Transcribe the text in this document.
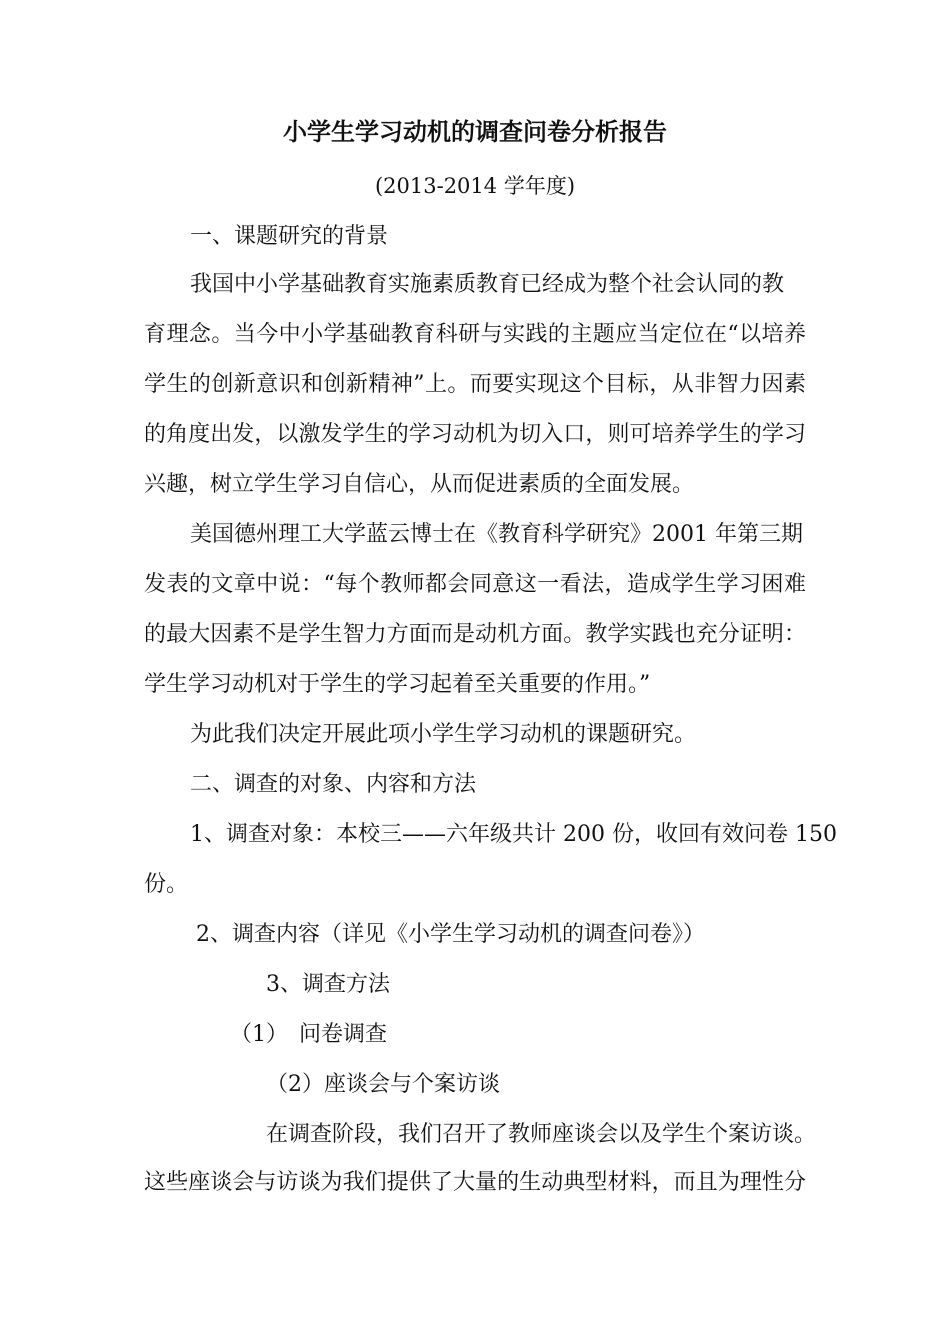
小学生学习动机的调查问卷分析报告

(2013-2014 学年度)

一、课题研究的背景

我国中小学基础教育实施素质教育已经成为整个社会认同的教

育理念。当今中小学基础教育科研与实践的主题应当定位在“以培养

学生的创新意识和创新精神”上。而要实现这个目标，从非智力因素

的角度出发，以激发学生的学习动机为切入口，则可培养学生的学习

兴趣，树立学生学习自信心，从而促进素质的全面发展。

美国德州理工大学蓝云博士在《教育科学研究》2001 年第三期

发表的文章中说：“每个教师都会同意这一看法，造成学生学习困难

的最大因素不是学生智力方面而是动机方面。教学实践也充分证明：

学生学习动机对于学生的学习起着至关重要的作用。”

为此我们决定开展此项小学生学习动机的课题研究。

二、调查的对象、内容和方法

1、调查对象：本校三——六年级共计 200 份，收回有效问卷 150

份。

2、调查内容（详见《小学生学习动机的调查问卷》）

3、调查方法

（1）　问卷调查

（2）座谈会与个案访谈

在调查阶段，我们召开了教师座谈会以及学生个案访谈。

这些座谈会与访谈为我们提供了大量的生动典型材料，而且为理性分
